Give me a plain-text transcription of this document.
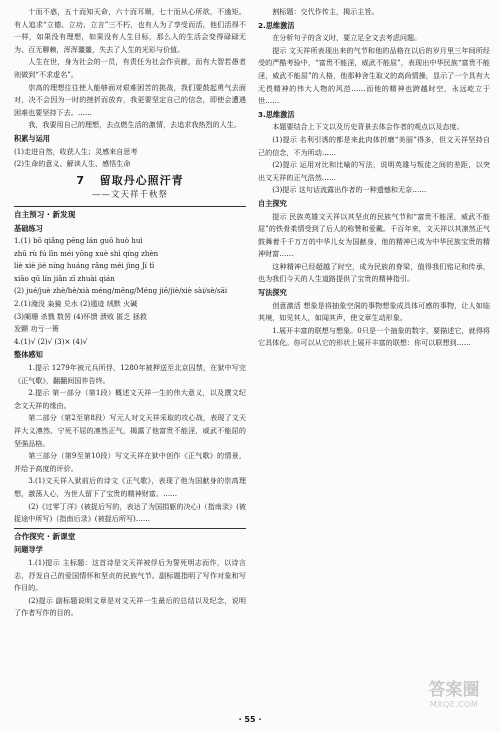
十而不惑，五十而知天命，六十而耳顺，七十而从心所欲，不逾矩。有人追求“立德、立功、立言”三不朽，也有人为了享受而活，他们活得不一样，如果没有理想，如果没有人生目标，那么人的生活会变得碌碌无为、百无聊赖，浑浑噩噩，失去了人生的光彩与价值。

人生在世，身为社会的一员，有责任为社会作贡献，而有大智若愚者则做到“不求虚名”。

崇高的理想往往使人能够面对艰难困苦的挑战，我们要鼓起勇气去面对，决不会因为一时的挫折而放弃，我更要坚定自己的信念，即使会遭遇困难也要坚持下去。……

我，我要用自己的理想，去点燃生活的激情，去追求我热烈的人生。

积累与运用

(1)走进自然，收获人生；灵感来自思考

(2)生命的意义、解读人生、感悟生命

7 留取丹心照汗青
——文天祥千秋祭

自主预习 · 新发现

基础练习

1.(1) bō qiǎng pēng lán guō huò huì

zhū rù fú lǐn méi yōng xuè shì qíng zhèn

liè xiè jié níng huáng rǎng méi jìng Jí tì

xiāo qū lín jiǎn zī zhuài qián

(2) jué/juè zhè/hè/xià méng/měng/Méng jiě/jiè/xiè sài/sè/sāi

2.(1)淹没 枭獍 兑水 (2)遁迹 绒默 火碱

(3)阑珊 杀戮 数罟 (4)怀馈 溃败 匿乏 拯救

发颤 功亏一篑

4.(1)√ (2)√ (3)× (4)√

整体感知

1.提示 1279年被元兵所俘，1280年被押送至北京囚禁，在狱中写完《正气歌》，翻翻间国祚告终。

2.提示 第一部分（第1段）概述文天祥一生的伟大意义，以及撰文纪念文天祥的缘由。

第二部分（第2至第8段）写元人对文天祥采取的攻心战，表现了文天祥大义凛然、宁死不屈的凛然正气，揭露了他富贵不能淫，威武不能屈的坚强品格。

第三部分（第9至第10段）写文天祥在狱中创作《正气歌》的情景，并给予高度的评价。

3.(1)文天祥入狱前后的诗文《正气歌》，表现了他为国献身的崇高理想，激荡人心，为世人留下了宝贵的精神财富。……

(2)《过零丁洋》(被捉后写的，表达了为国捐躯的决心)（指南录》(被捉途中所写)（指南后录》(被捉后所写)……

合作探究 · 新课堂

问题导学

1.(1)提示 主标题：这首诗是文天祥被俘后为誓死明志而作，以诗言志，抒发自己的爱国情怀和坚贞的民族气节。副标题指明了写作对象和写作目的。

(2)提示 副标题说明文章是对文天祥一生最后的总结以及纪念，说明了作者写作的目的。

割标题：交代作传主，揭示主旨。

2.思维激活

在分析句子的含义时，要立足全文去考虑问题。

提示 文天祥所表现出来的气节和他的品格在以后的岁月里三年间所经受的严酷考验中，“富贵不能淫，威武不能屈”，表现出中华民族“富贵不能淫，威武不能屈”的人格，他那种舍生取义的高尚情操，显示了一个具有大无畏精神的伟大人物的风范……而他的精神也跨越时空，永远屹立于世……

3.思维激活

本题要结合上下文以及历史背景去体会作者的观点以及态度。

(1)提示 名利引诱的都是来此肉体折磨“美丽”得多，但文天祥坚持自己的信念，不为所动……

(2)提示 运用对比和比喻的写法，说明英雄与叛徒之间的差距，以突出文天祥的正气浩然……

(3)提示 这句话流露出作者的一种遗憾和无奈……

自主探究

提示 民族英雄文天祥以其坚贞的民族气节和“富贵不能淫，威武不能屈”的铁骨柔情受到了后人的称赞和爱戴。千百年来，文天祥以其凛然正气鼓舞着千千万万的中华儿女为国献身，他的精神已成为中华民族宝贵的精神财富……

这种精神已经超越了时空，成为民族的脊梁，值得我们铭记和传承，也为我们今天的人生道路提供了宝贵的精神指引。

写法探究

创意激活 想象是将抽象空洞的事物想象成具体可感的事物，让人如临其境，如见其人，如闻其声，使文章生动形象。

1.展开丰富的联想与想象。0只是一个抽象的数字，要描述它，就得将它具体化。你可以从它的形状上展开丰富的联想：你可以联想到……

· 55 ·
答案圈
MXQE.COM
